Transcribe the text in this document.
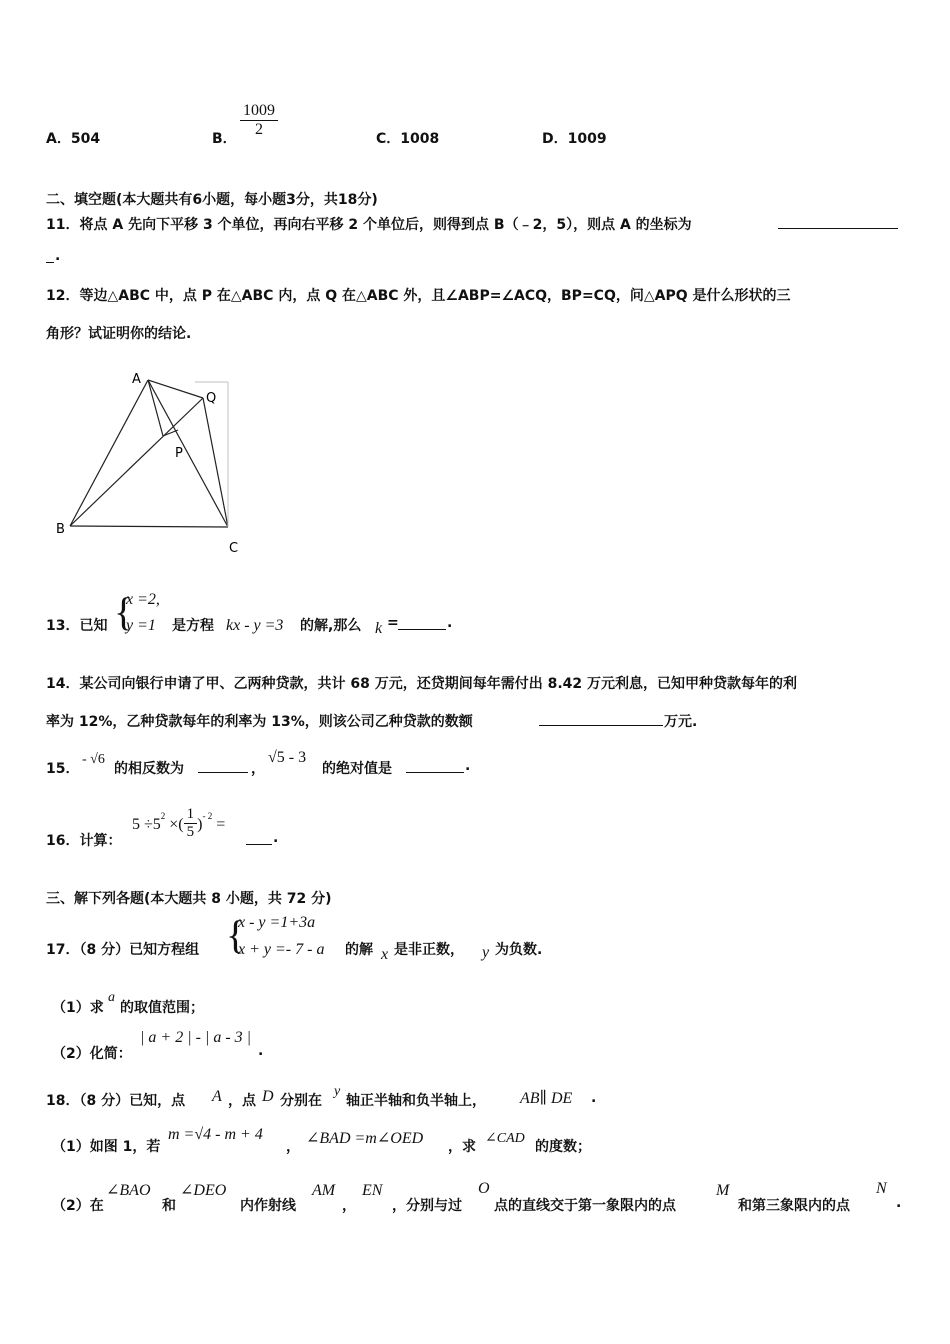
A．504	B． $\frac{1009}{2}$	C．1008	D．1009
二、填空题(本大题共有6小题，每小题3分，共18分)
11．将点 A 先向下平移 3 个单位，再向右平移 2 个单位后，则得到点 B（﹣2，5），则点 A 的坐标为
.
12．等边△ABC 中，点 P 在△ABC 内，点 Q 在△ABC 外，且∠ABP=∠ACQ，BP=CQ，问△APQ 是什么形状的三
角形？试证明你的结论.
A
Q
P
B
C
13．已知 {
x =2,
y =1 是方程 kx - y =3 的解,那么 k =	.
14．某公司向银行申请了甲、乙两种贷款，共计 68 万元，还贷期间每年需付出 8.42 万元利息，已知甲种贷款每年的利
率为 12%，乙种贷款每年的利率为 13%，则该公司乙种贷款的数额	万元.
15．
- √6
的相反数为	，
√5 - 3
的绝对值是	.
16．计算：
5 ÷52 ×( $\frac{1}{5})-$ 2 =
.
三、解下列各题(本大题共 8 小题，共 72 分)
17．（8 分）已知方程组 {
x - y =1+3a
x + y =- 7 - a 的解 x 是非正数， y 为负数.
（1）求
a
的取值范围；
（2）化简：
| a + 2 | - | a - 3 |
.
18．（8 分）已知，点 A ，点 D 分别在
y
轴正半轴和负半轴上， AB∥ DE .
（1）如图 1，若
m =√4 - m + 4
， ∠BAD =m∠OED ，求
∠CAD
的度数；
（2）在
∠BAO
和
∠DEO
内作射线
AM
，
EN
，分别与过
O
点的直线交于第一象限内的点
M
和第三象限内的点
N
.
